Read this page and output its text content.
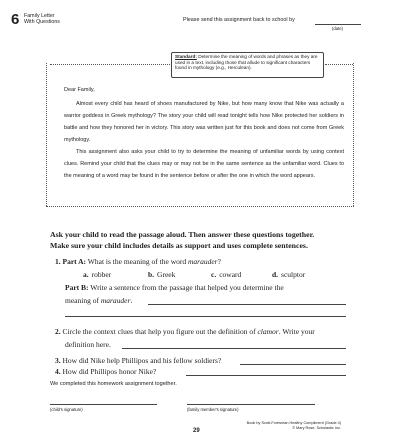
6 Family Letter
With Questions	Please send this assignment back to school by
(date)
Standard: Determine the meaning of words and phrases as they are used in a text, including those that allude to significant characters found in mythology (e.g., Herculean).

Dear Family,

Almost every child has heard of shoes manufactured by Nike, but how many know that Nike was actually a warrior goddess in Greek mythology? The story your child will read tonight tells how Nike protected her soldiers in battle and how they honored her in victory. This story was written just for this book and does not come from Greek mythology.

This assignment also asks your child to try to determine the meaning of unfamiliar words by using context clues. Remind your child that the clues may or may not be in the same sentence as the unfamiliar word. Clues to the meaning of a word may be found in the sentence before or after the one in which the word appears.

Ask your child to read the passage aloud. Then answer these questions together.
Make sure your child includes details as support and uses complete sentences.
1. Part A: What is the meaning of the word marauder?
a. robber	b. Greek	c. coward	d. sculptor
Part B: Write a sentence from the passage that helped you determine the
meaning of marauder.
2. Circle the context clues that help you figure out the definition of clamor. Write your
definition here.
3. How did Nike help Phillipos and his fellow soldiers?
4. How did Phillipos honor Nike?
We completed this homework assignment together.
(child's signature)	(family member's signature)
29
Book by Scott-Foresman Healthy Compliment (Grade 4)
© Mary Rose, Scholastic Inc.
